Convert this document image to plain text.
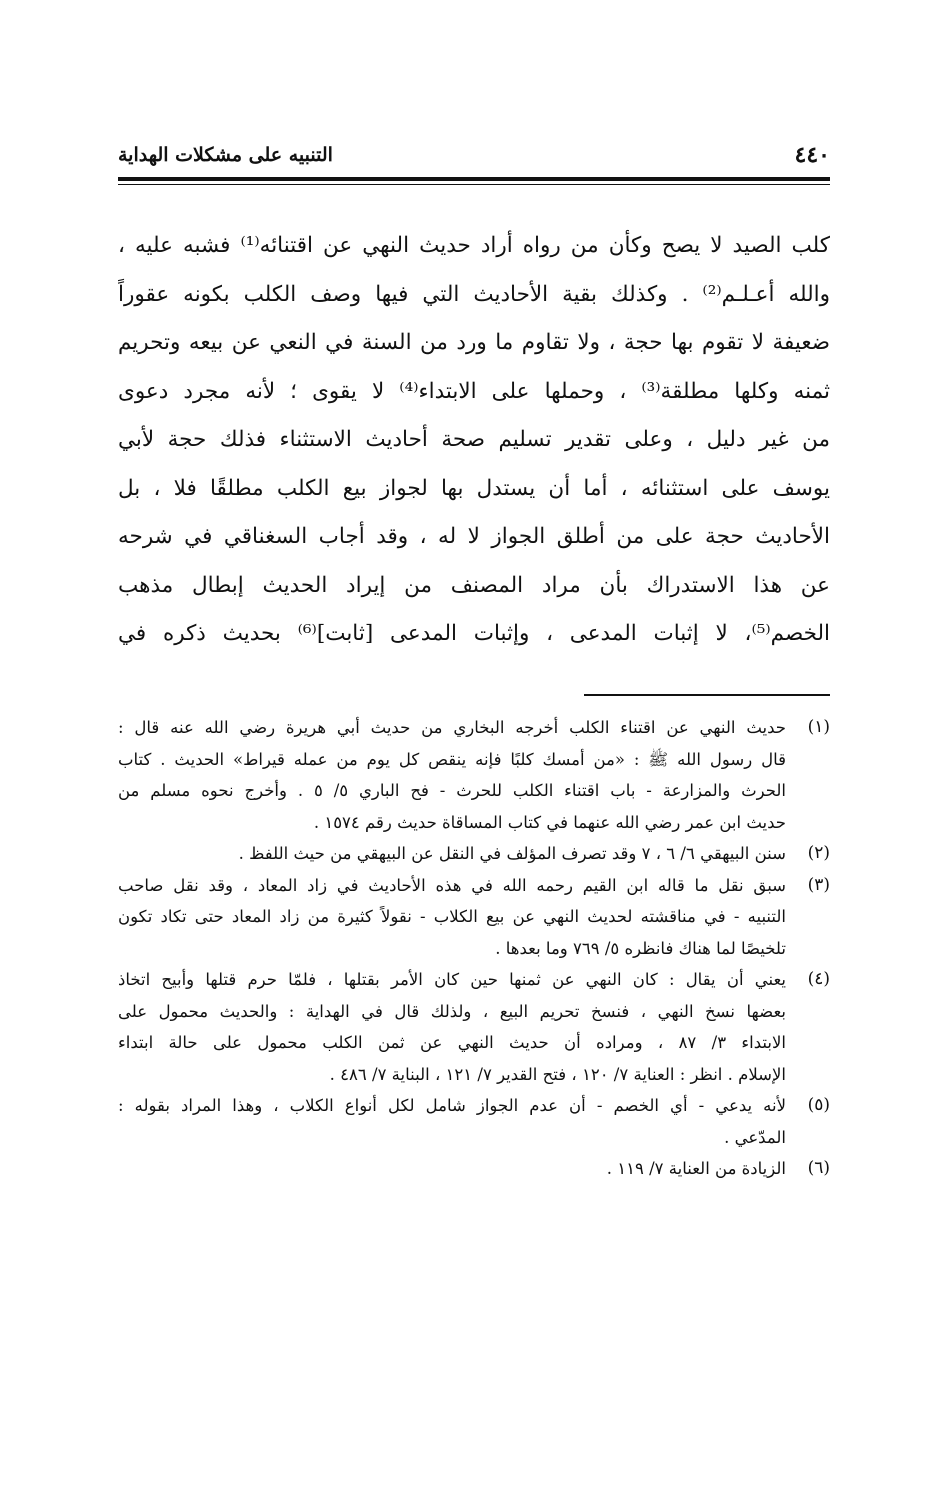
٤٤٠
التنبيه على مشكلات الهداية
كلب الصيد لا يصح وكأن من رواه أراد حديث النهي عن اقتنائه⁽¹⁾ فشبه عليه ،
والله أعـلـم⁽²⁾ . وكذلك بقية الأحاديث التي فيها وصف الكلب بكونه عقوراً
ضعيفة لا تقوم بها حجة ، ولا تقاوم ما ورد من السنة في النعي عن بيعه وتحريم
ثمنه وكلها مطلقة⁽³⁾ ، وحملها على الابتداء⁽⁴⁾ لا يقوى ؛ لأنه مجرد دعوى
من غير دليل ، وعلى تقدير تسليم صحة أحاديث الاستثناء فذلك حجة لأبي
يوسف على استثنائه ، أما أن يستدل بها لجواز بيع الكلب مطلقًا فلا ، بل
الأحاديث حجة على من أطلق الجواز لا له ، وقد أجاب السغناقي في شرحه
عن هذا الاستدراك بأن مراد المصنف من إيراد الحديث إبطال مذهب
الخصم⁽⁵⁾، لا إثبات المدعى ، وإثبات المدعى [ثابت]⁽⁶⁾ بحديث ذكره في
(١)
حديث النهي عن اقتناء الكلب أخرجه البخاري من حديث أبي هريرة رضي الله عنه قال :
قال رسول الله ﷺ : «من أمسك كلبًا فإنه ينقص كل يوم من عمله قيراط» الحديث . كتاب
الحرث والمزارعة - باب اقتناء الكلب للحرث - فح الباري ٥/ ٥ . وأخرج نحوه مسلم من
حديث ابن عمر رضي الله عنهما في كتاب المساقاة حديث رقم ١٥٧٤ .
(٢)
سنن البيهقي ٦/ ٦ ، ٧ وقد تصرف المؤلف في النقل عن البيهقي من حيث اللفظ .
(٣)
سبق نقل ما قاله ابن القيم رحمه الله في هذه الأحاديث في زاد المعاد ، وقد نقل صاحب
التنبيه - في مناقشته لحديث النهي عن بيع الكلاب - نقولاً كثيرة من زاد المعاد حتى تكاد تكون
تلخيصًا لما هناك فانظره ٥/ ٧٦٩ وما بعدها .
(٤)
يعني أن يقال : كان النهي عن ثمنها حين كان الأمر بقتلها ، فلمّا حرم قتلها وأبيح اتخاذ
بعضها نسخ النهي ، فنسخ تحريم البيع ، ولذلك قال في الهداية : والحديث محمول على
الابتداء ٣/ ٨٧ ، ومراده أن حديث النهي عن ثمن الكلب محمول على حالة ابتداء
الإسلام . انظر : العناية ٧/ ١٢٠ ، فتح القدير ٧/ ١٢١ ، البناية ٧/ ٤٨٦ .
(٥)
لأنه يدعي - أي الخصم - أن عدم الجواز شامل لكل أنواع الكلاب ، وهذا المراد بقوله :
المدّعي .
(٦)
الزيادة من العناية ٧/ ١١٩ .
